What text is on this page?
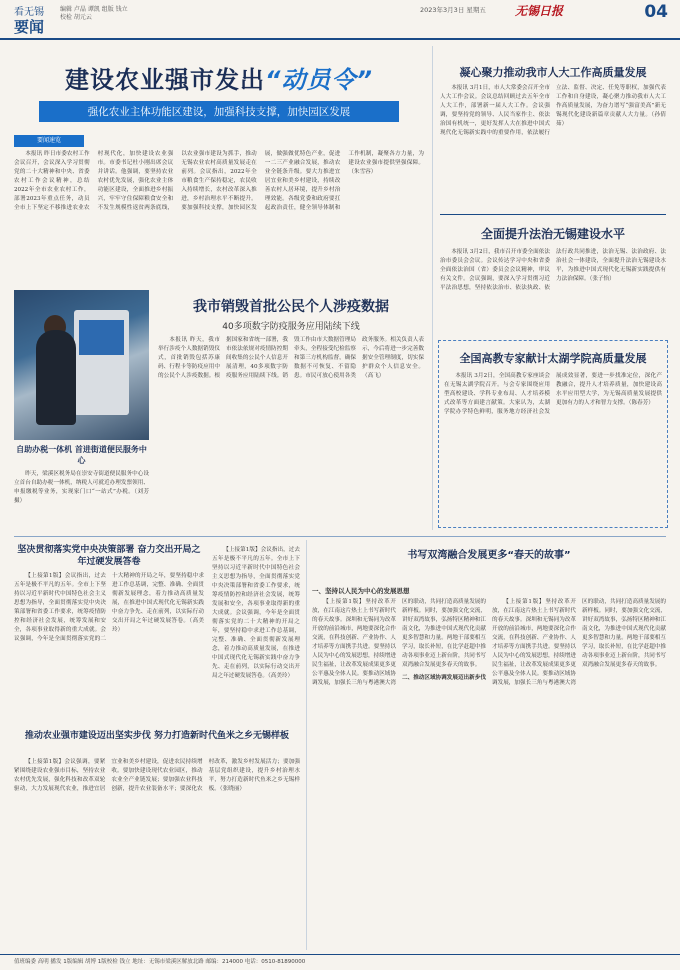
看无锡
要闻
编辑 卢晶 谭凯 组版 钱立 校检 胡元云
2023年3月3日 星期五 无锡日报	04
建设农业强市发出“动员令”
强化农业主体功能区建设，加强科技支撑，加快园区发展
要闻速览

本报讯 昨日市委农村工作会议召开，会议深入学习贯彻党的二十大精神和中央、省委农村工作会议精神，总结2022年全市农业农村工作，部署2023年重点任务，动员全市上下坚定不移推进农业农村现代化，加快建设农业强市。市委书记杜小刚出席会议并讲话。他强调，要坚持农业农村优先发展，强化农业主体功能区建设，全面推进乡村振兴，牢牢守住保障粮食安全和不发生规模性返贫两条底线，以农业强市建设为抓手，推动无锡农业农村高质量发展走在前列。会议指出，2022年全市粮食生产保持稳定，农民收入持续增长，农村改革深入推进，乡村治理水平不断提升。要加强科技支撑，加快园区发展，做强做优特色产业，促进一二三产业融合发展，推动农业全链条升级。要大力推进宜居宜业和美乡村建设，持续改善农村人居环境，提升乡村治理效能。各级党委和政府要扛起政治责任，健全领导体制和工作机制，凝聚各方力量，为建设农业强市提供坚强保障。（朱雪容）

自助办税一体机 首进街道便民服务中心

昨天，梁溪区税务局在崇安寺街道便民服务中心设立首台自助办税一体机，纳税人可就近办理发票领用、申报缴税等业务，实现家门口“一站式”办税。（刘芳 摄）

我市销毁首批公民个人涉疫数据
40多项数字防疫服务应用陆续下线

本报讯 昨天，我市举行涉疫个人数据销毁仪式，首批销毁包括苏康码、行程卡等防疫应用中的公民个人涉疫数据。根据国家和省统一部署，我市依法依规对疫情防控期间收集的公民个人信息开展清理，40多项数字防疫服务应用陆续下线。销毁工作由市大数据管理局牵头，全程接受纪检监察和第三方机构监督，确保数据不可恢复、不留隐患。市民可放心使用各类政务服务。相关负责人表示，今后将进一步完善数据安全管理制度，切实保护群众个人信息安全。（高飞）

凝心聚力推动我市人大工作高质量发展

本报讯 3月1日，市人大常委会召开全市人大工作会议。会议总结回顾过去五年全市人大工作，部署新一届人大工作。会议强调，要坚持党的领导、人民当家作主、依法治国有机统一，更好发挥人大在推进中国式现代化无锡新实践中的重要作用，依法履行立法、监督、决定、任免等职权，加强代表工作和自身建设，凝心聚力推动我市人大工作高质量发展，为奋力谱写“强富美高”新无锡现代化建设新篇章贡献人大力量。（孙倩茹）

全面提升法治无锡建设水平

本报讯 3月2日，我市召开市委全面依法治市委员会会议。会议传达学习中央和省委全面依法治国（省）委员会会议精神，审议有关文件。会议强调，要深入学习贯彻习近平法治思想，坚持依法治市、依法执政、依法行政共同推进，法治无锡、法治政府、法治社会一体建设，全面提升法治无锡建设水平，为推进中国式现代化无锡新实践提供有力法治保障。（张子怡）

全国高教专家献计太湖学院高质量发展

本报讯 3月2日，全国高教专家座谈会在无锡太湖学院召开。与会专家围绕应用型高校建设、学科专业布局、人才培养模式改革等方面建言献策。大家认为，太湖学院办学特色鲜明，服务地方经济社会发展成效显著，要进一步找准定位，深化产教融合，提升人才培养质量，加快建设高水平应用型大学，为无锡高质量发展提供更加有力的人才和智力支撑。（陈春芳）

坚决贯彻落实党中央决策部署 奋力交出开局之年过硬发展答卷

【上接第1版】会议指出，过去五年是极不平凡的五年。全市上下坚持以习近平新时代中国特色社会主义思想为指导，全面贯彻落实党中央决策部署和省委工作要求，统筹疫情防控和经济社会发展，统筹发展和安全，各项事业取得新的重大成就。会议强调，今年是全面贯彻落实党的二十大精神的开局之年，要坚持稳中求进工作总基调，完整、准确、全面贯彻新发展理念，着力推动高质量发展，在推进中国式现代化无锡新实践中奋力争先、走在前列，以实际行动交出开局之年过硬发展答卷。（高美玲）

【上接第1版】会议指出，过去五年是极不平凡的五年。全市上下坚持以习近平新时代中国特色社会主义思想为指导，全面贯彻落实党中央决策部署和省委工作要求，统筹疫情防控和经济社会发展，统筹发展和安全，各项事业取得新的重大成就。会议强调，今年是全面贯彻落实党的二十大精神的开局之年，要坚持稳中求进工作总基调，完整、准确、全面贯彻新发展理念，着力推动高质量发展，在推进中国式现代化无锡新实践中奋力争先、走在前列，以实际行动交出开局之年过硬发展答卷。（高美玲）

推动农业强市建设迈出坚实步伐 努力打造新时代鱼米之乡无锡样板

【上接第1版】会议强调，要紧紧围绕建设农业强市目标，坚持农业农村优先发展，强化科技和改革双轮驱动，大力发展现代农业，推进宜居宜业和美乡村建设，促进农民持续增收。要加快建设现代农业园区，推动农业全产业链发展；要加强农业科技创新，提升农业装备水平；要深化农村改革，激发乡村发展活力；要加强基层党组织建设，提升乡村治理水平，努力打造新时代鱼米之乡无锡样板。（张晓丽）

书写双湾融合发展更多“春天的故事”
一、坚持以人民为中心的发展思想

【上接第1版】坚持改革开放，在江南这片热土上书写新时代的春天故事。深圳和无锡同为改革开放的前沿城市，两地要深化合作交流，在科技创新、产业协作、人才培养等方面携手共进。要坚持以人民为中心的发展思想，持续增进民生福祉，让改革发展成果更多更公平惠及全体人民。要推动区域协调发展，加强长三角与粤港澳大湾区的联动，共同打造高质量发展的新样板。同时，要加强文化交流，讲好双湾故事，弘扬特区精神和江南文化，为推进中国式现代化贡献更多智慧和力量。两地干部要相互学习，取长补短，在比学赶超中推动各项事业迈上新台阶，共同书写双湾融合发展更多春天的故事。

二、推动区域协调发展迈出新步伐

【上接第1版】坚持改革开放，在江南这片热土上书写新时代的春天故事。深圳和无锡同为改革开放的前沿城市，两地要深化合作交流，在科技创新、产业协作、人才培养等方面携手共进。要坚持以人民为中心的发展思想，持续增进民生福祉，让改革发展成果更多更公平惠及全体人民。要推动区域协调发展，加强长三角与粤港澳大湾区的联动，共同打造高质量发展的新样板。同时，要加强文化交流，讲好双湾故事，弘扬特区精神和江南文化，为推进中国式现代化贡献更多智慧和力量。两地干部要相互学习，取长补短，在比学赶超中推动各项事业迈上新台阶，共同书写双湾融合发展更多春天的故事。

值班编委 高明 播发 1版编辑 胡博 1版校检 钱立 地址：无锡市梁溪区解放北路 邮编：214000 电话：0510-81890000
